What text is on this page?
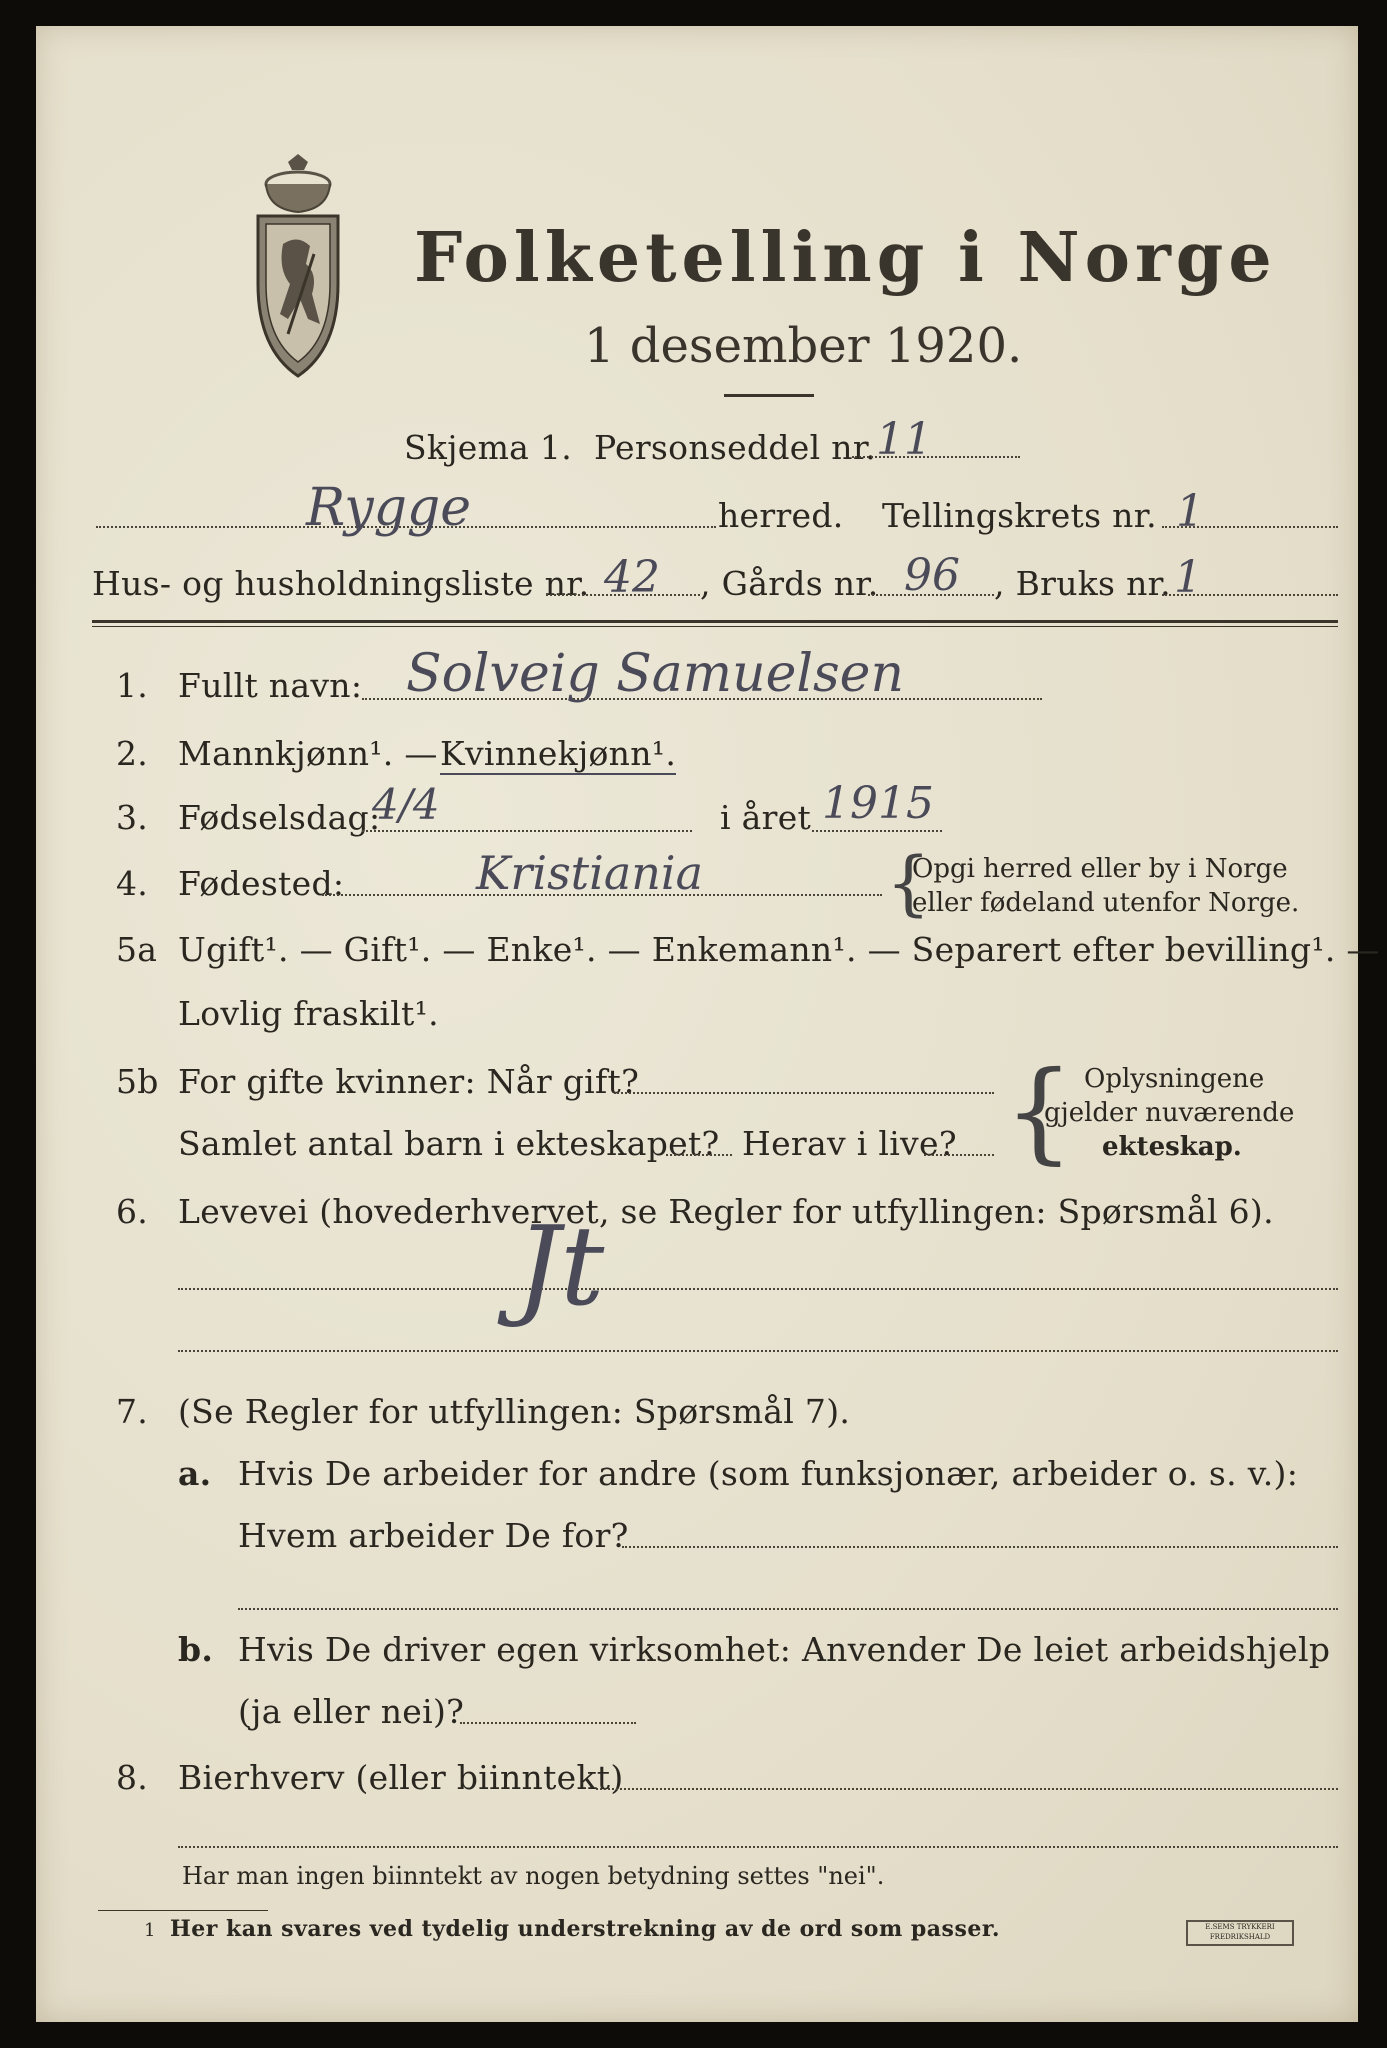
Folketelling i Norge
1 desember 1920.
Skjema 1. Personseddel nr. 11
Rygge	herred. Tellingskrets nr. 1
Hus- og husholdningsliste nr. 42 , Gårds nr. 96 , Bruks nr. 1
1. Fullt navn: Solveig Samuelsen
2. Mannkjønn¹. — Kvinnekjønn¹.
3. Fødselsdag:
4/4	i året 1915
4. Fødested:	Kristiania	{
Opgi herred eller by i Norge
eller fødeland utenfor Norge.
5a Ugift¹. — Gift¹. — Enke¹. — Enkemann¹. — Separert efter bevilling¹. —
Lovlig fraskilt¹.
5b For gifte kvinner: Når gift?
Samlet antal barn i ekteskapet? Herav i live? { Oplysningene
gjelder nuværende
ekteskap.
6. Levevei (hovederhvervet, se Regler for utfyllingen: Spørsmål 6).
Jt
7. (Se Regler for utfyllingen: Spørsmål 7).
a. Hvis De arbeider for andre (som funksjonær, arbeider o. s. v.):
Hvem arbeider De for?
b. Hvis De driver egen virksomhet: Anvender De leiet arbeidshjelp
(ja eller nei)?
8. Bierhverv (eller biinntekt)
Har man ingen biinntekt av nogen betydning settes "nei".
1 Her kan svares ved tydelig understrekning av de ord som passer.	E.SEMS TRYKKERI FREDRIKSHALD
